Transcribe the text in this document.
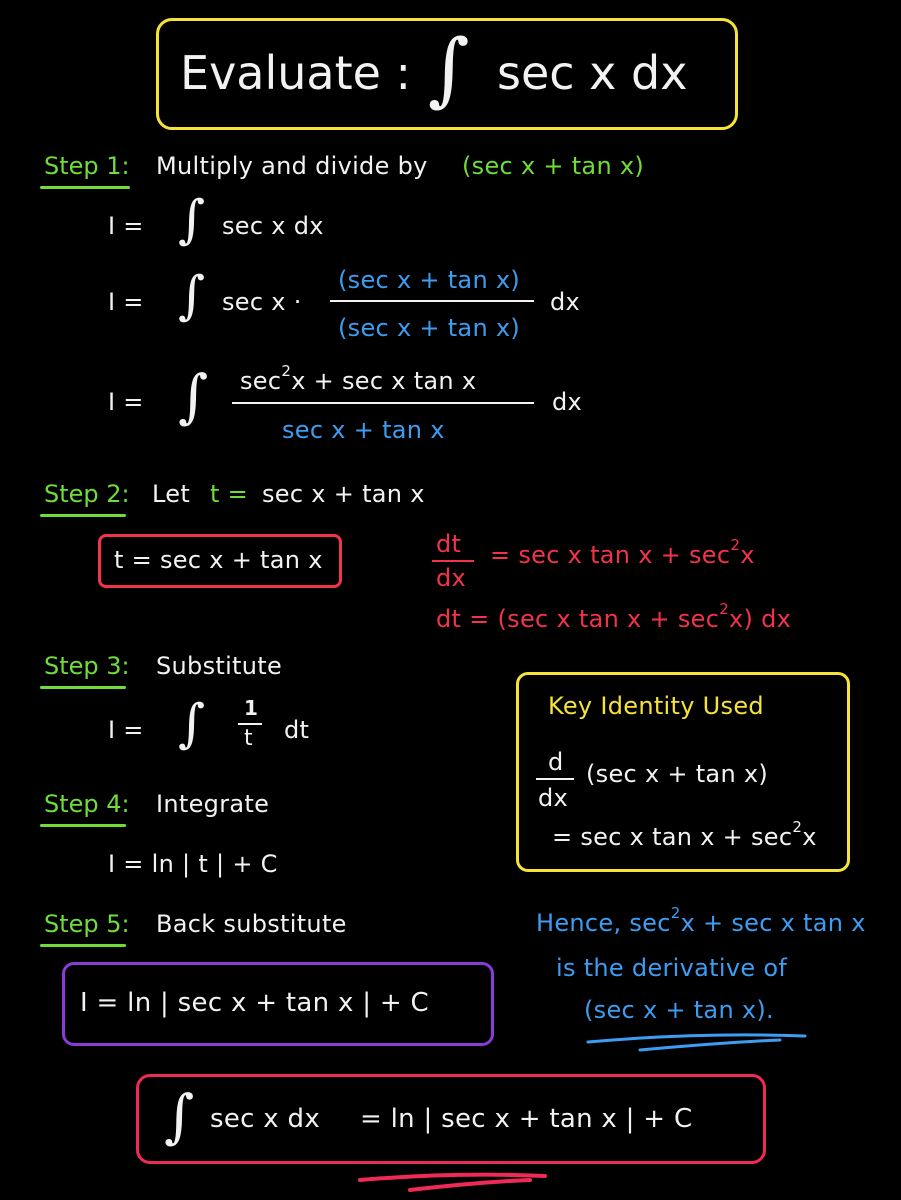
Evaluate : ∫ sec x dx
Step 1: Multiply and divide by (sec x + tan x)
I = ∫ sec x dx
I = ∫ sec x ·
(sec x + tan x)
(sec x + tan x)
dx
I = ∫ $\sec^2x + \sec x$ tan x
sec x + tan x
dx
Step 2: Let t = sec x + tan x
t = sec x + tan x
dt
dx
= sec x $\tan x + \sec^2x$
dt = (sec x $\tan x + \sec^2x$) dx
Step 3: Substitute
I = ∫ 1
t dt
Step 4: Integrate
I = ln | t | + C
Step 5: Back substitute
I = ln | sec x + tan x | + C
Key Identity Used
d
dx
(sec x + tan x)
= sec x $\tan x + \sec^2x$
Hence, $\sec^2x + \sec x$ tan x
is the derivative of
(sec x + tan x).
∫ sec x dx = ln | sec x + tan x | + C
